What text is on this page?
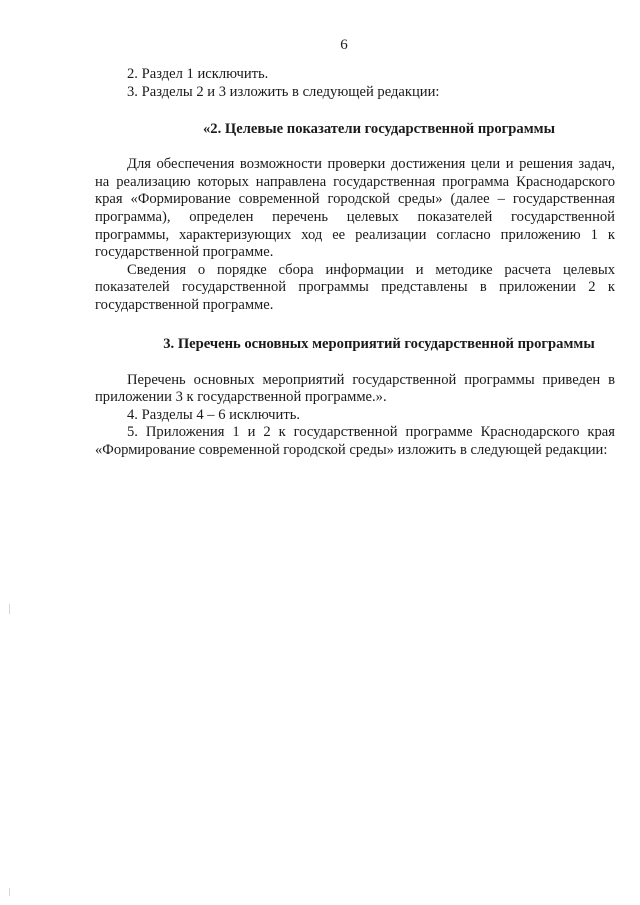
6

2. Раздел 1 исключить.

3. Разделы 2 и 3 изложить в следующей редакции:

«2. Целевые показатели государственной программы

Для обеспечения возможности проверки достижения цели и решения задач, на реализацию которых направлена государственная программа Краснодарского края «Формирование современной городской среды» (далее – государственная программа), определен перечень целевых показателей государственной программы, характеризующих ход ее реализации согласно приложению 1 к государственной программе.

Сведения о порядке сбора информации и методике расчета целевых показателей государственной программы представлены в приложении 2 к государственной программе.

3. Перечень основных мероприятий государственной программы

Перечень основных мероприятий государственной программы приведен в приложении 3 к государственной программе.».

4. Разделы 4 – 6 исключить.

5. Приложения 1 и 2 к государственной программе Краснодарского края «Формирование современной городской среды» изложить в следующей редакции:
